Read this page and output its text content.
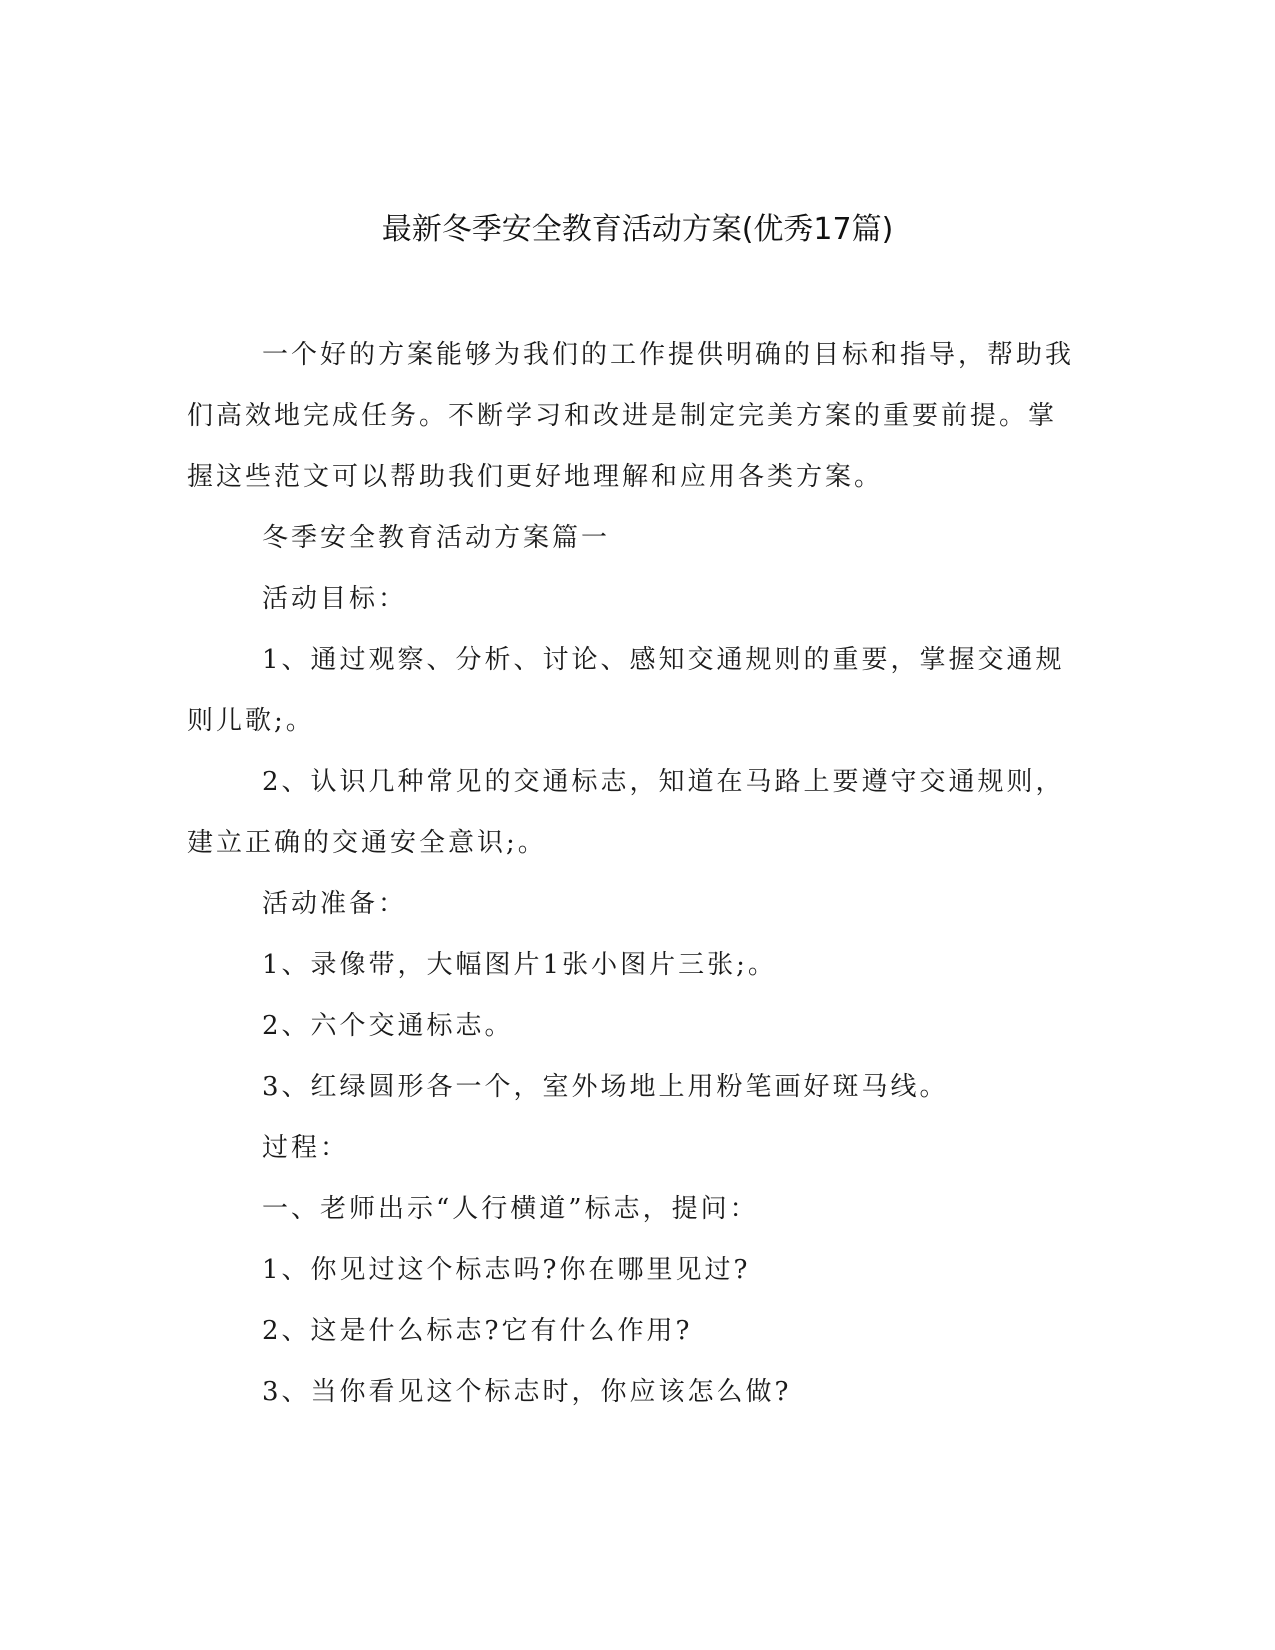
最新冬季安全教育活动方案(优秀17篇)

一个好的方案能够为我们的工作提供明确的目标和指导，帮助我

们高效地完成任务。不断学习和改进是制定完美方案的重要前提。掌

握这些范文可以帮助我们更好地理解和应用各类方案。

冬季安全教育活动方案篇一

活动目标：

1、通过观察、分析、讨论、感知交通规则的重要，掌握交通规

则儿歌;。

2、认识几种常见的交通标志，知道在马路上要遵守交通规则，

建立正确的交通安全意识;。

活动准备：

1、录像带，大幅图片1张小图片三张;。

2、六个交通标志。

3、红绿圆形各一个，室外场地上用粉笔画好斑马线。

过程：

一、老师出示“人行横道”标志，提问：

1、你见过这个标志吗?你在哪里见过?

2、这是什么标志?它有什么作用?

3、当你看见这个标志时，你应该怎么做?
